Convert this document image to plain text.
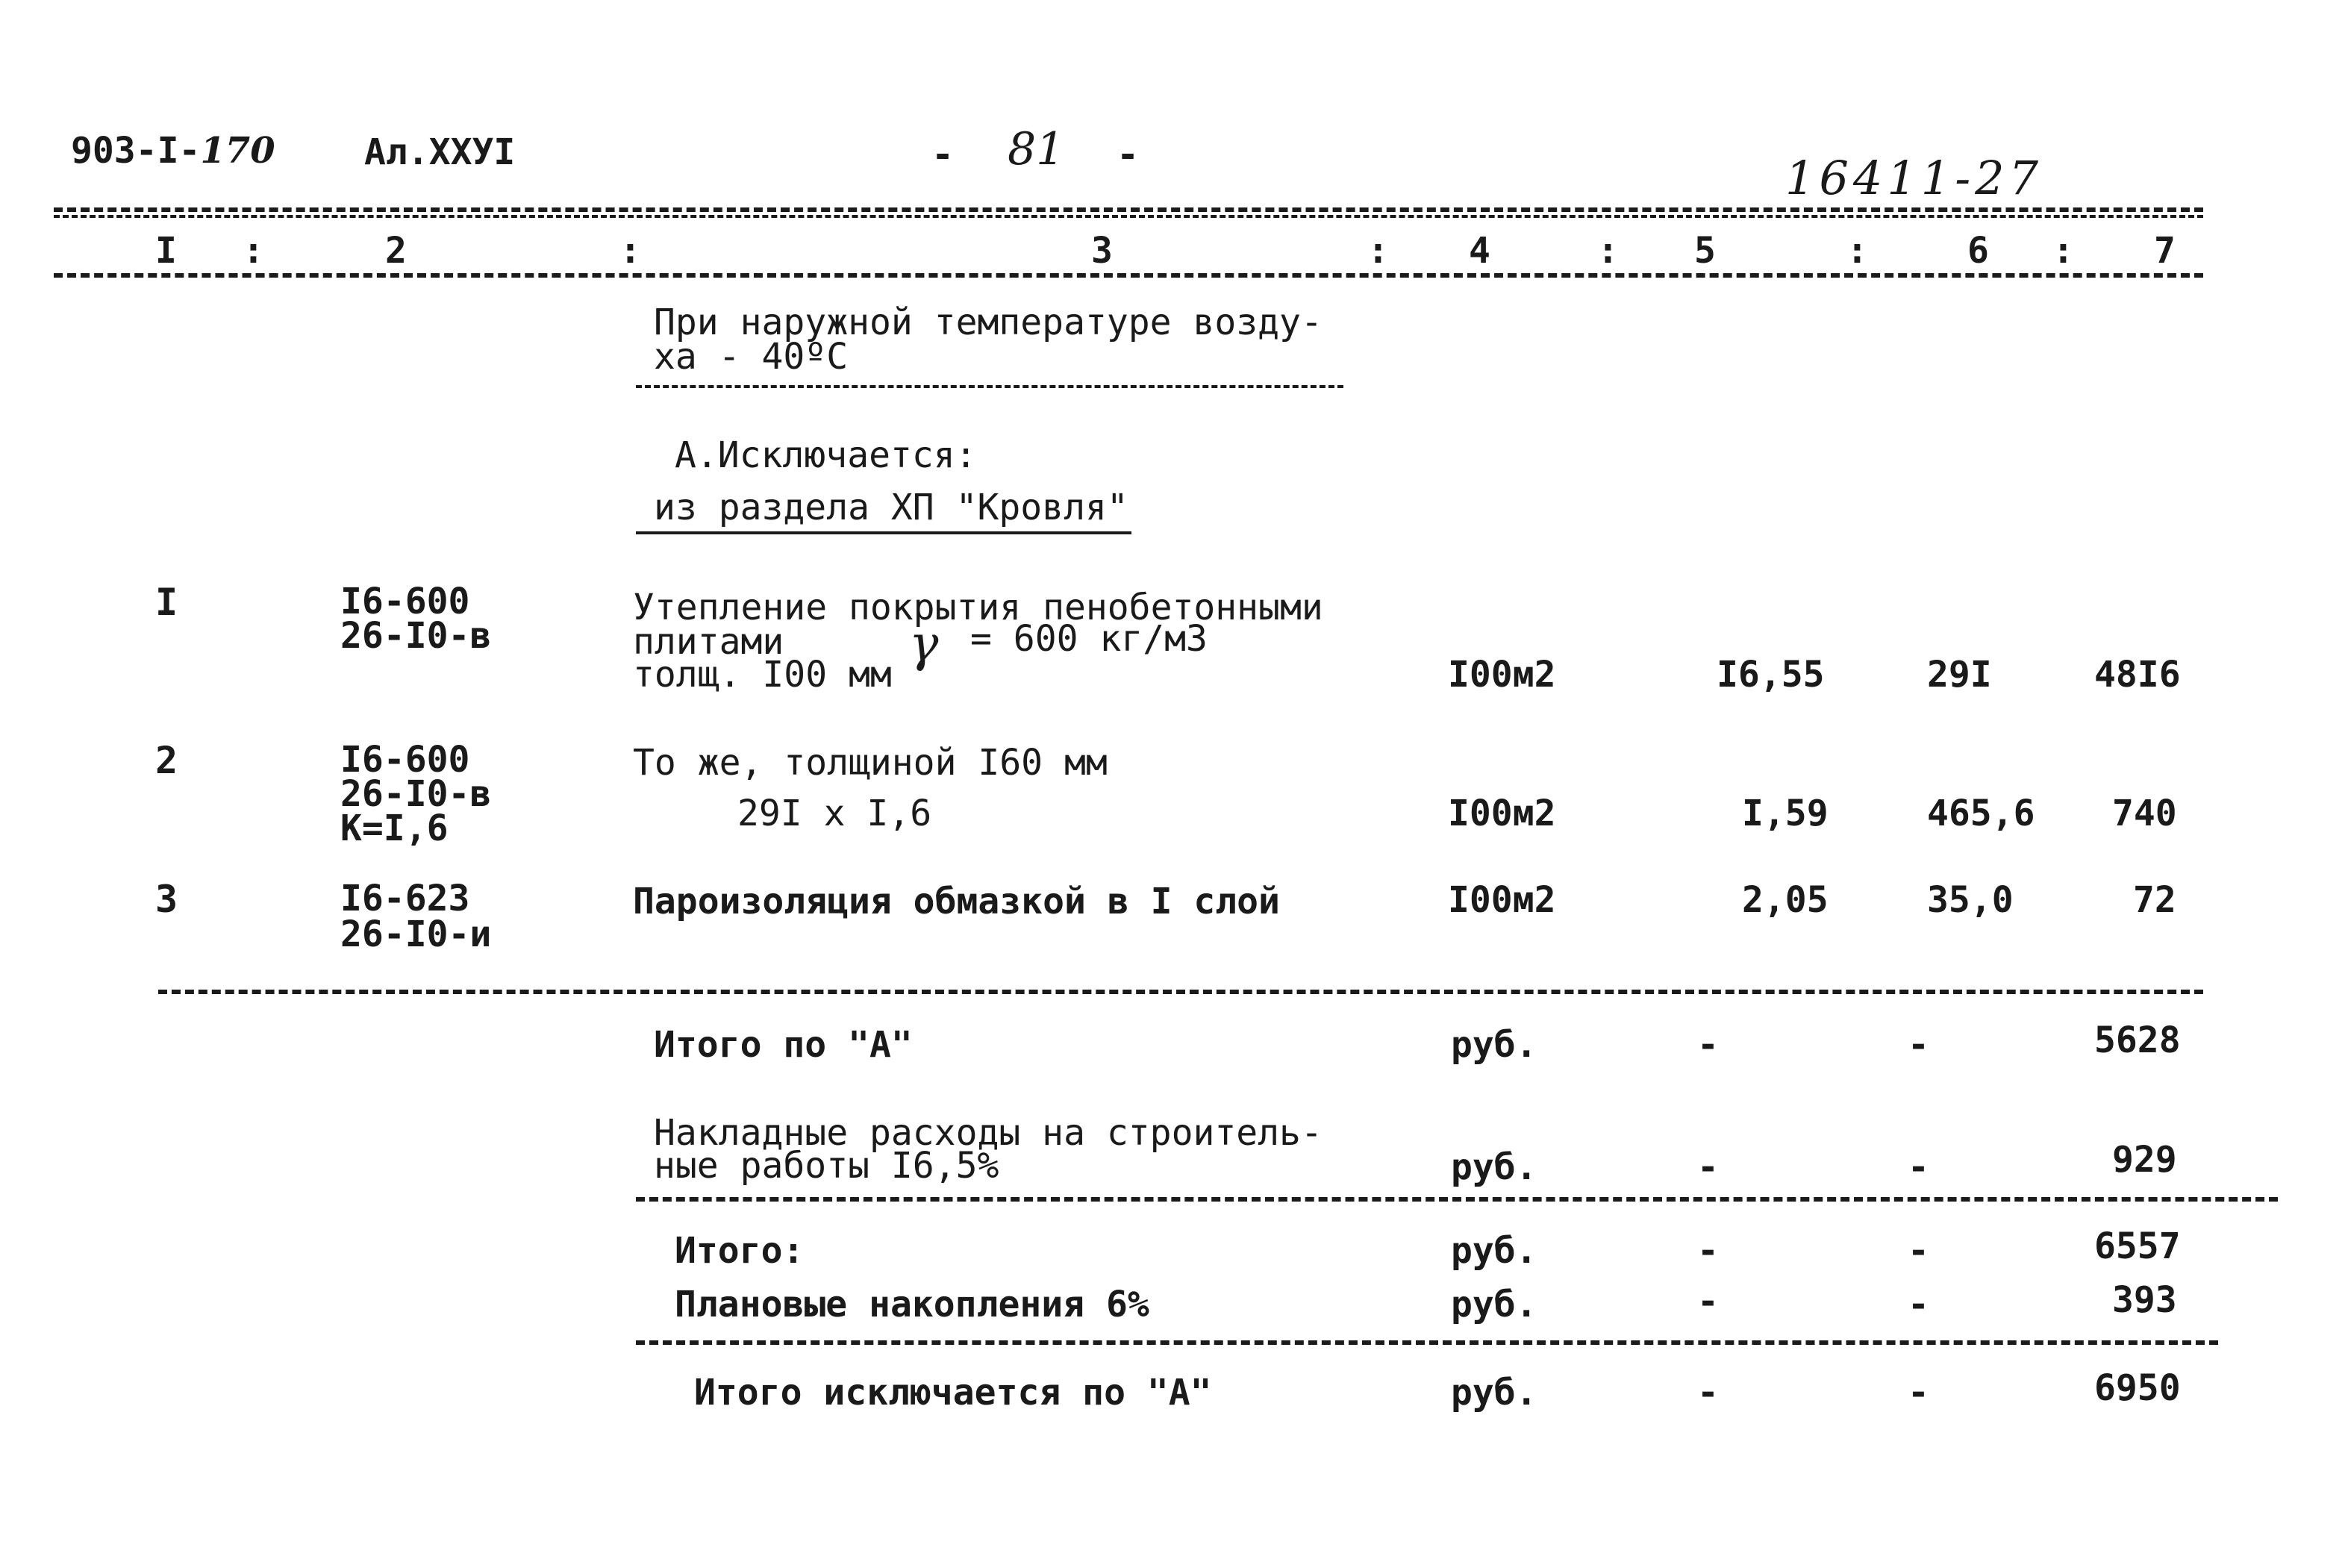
903-I-170 Ал.XXУI	- 81 -	16411-27
I :	2	:	3	: 4	: 5	:	6 : 7
При наружной температуре возду-
ха - 40ºС
А.Исключается:
из раздела ХП "Кровля"
I	I6-600
26-I0-в
Утепление покрытия пенобетонными
плитами	γ = 600 кг/м3
толщ. I00 мм	I00м2	I6,55	29I	48I6
2	I6-600
26-I0-в
К=I,6
То же, толщиной I60 мм
29I x I,6	I00м2	I,59	465,6 740
3	I6-623
26-I0-и
Пароизоляция обмазкой в I слой	I00м2	2,05	35,0	72
Итого по "А"	руб.	-	-	5628
Накладные расходы на строитель-
ные работы I6,5%	руб.	-	-	929
Итого:	руб.	-	-	6557
Плановые накопления 6%	руб.	-	-	393
Итого исключается по "А"	руб.	-	-	6950
